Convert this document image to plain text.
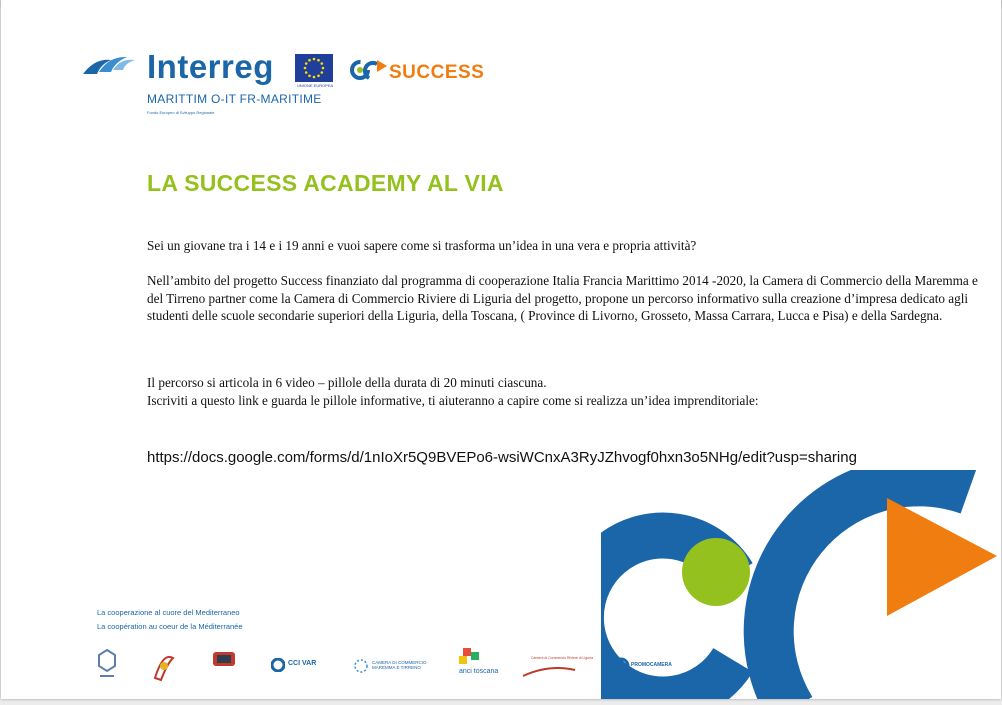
Interreg
UNIONE EUROPEA
MARITTIM O-IT FR-MARITIME
Fondo Europeo di Sviluppo Regionale
SUCCESS
LA SUCCESS ACADEMY AL VIA
Sei un giovane tra i 14 e i 19 anni e vuoi sapere come si trasforma un’idea in una vera e propria attività?
Nell’ambito del progetto Success finanziato dal programma di cooperazione Italia Francia Marittimo 2014 -2020, la Camera di Commercio della Maremma e del Tirreno partner come la Camera di Commercio Riviere di Liguria del progetto, propone un percorso informativo sulla creazione d’impresa dedicato agli studenti delle scuole secondarie superiori della Liguria, della Toscana, ( Province di Livorno, Grosseto, Massa Carrara, Lucca e Pisa) e della Sardegna.
Il percorso si articola in 6 video – pillole della durata di 20 minuti ciascuna.
Iscriviti a questo link e guarda le pillole informative, ti aiuteranno a capire come si realizza un’idea imprenditoriale:
https://docs.google.com/forms/d/1nIoXr5Q9BVEPo6-wsiWCnxA3RyJZhvogf0hxn3o5NHg/edit?usp=sharing
La cooperazione al cuore del Mediterraneo
La coopération au coeur de la Méditerranée
CCI VAR	CAMERA DI COMMERCIO MAREMMA E TIRRENO
anci toscana
Camera di Commercio Riviere di Liguria
PROMOCAMERA
